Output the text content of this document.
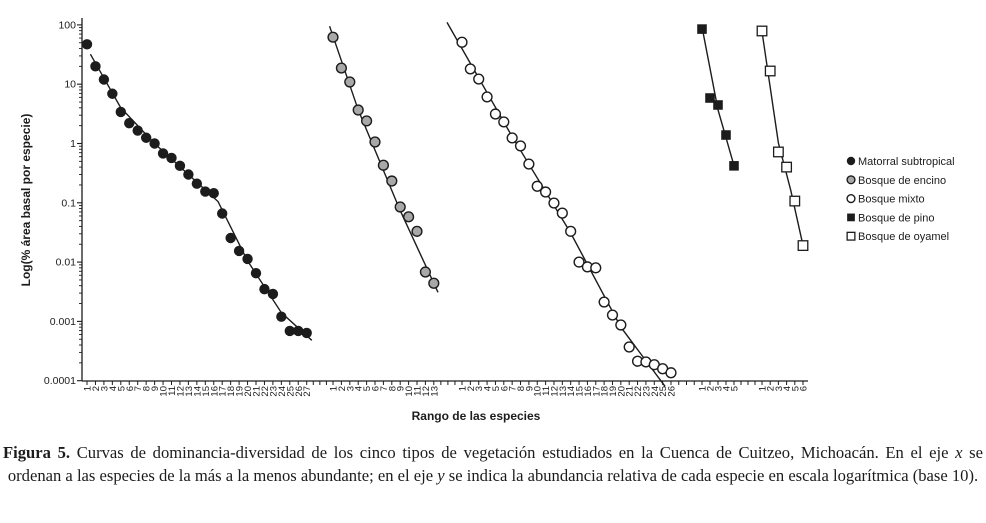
100
10
1
0.1
0.01
0.001
0.0001
Log(% área basal por especie)
1
2
3
4
5
6
7
8
9
10
11
12
13
14
15
16
17
18
19
20
21
22
23
24
25
26
27 1
2
3
4
5
6
7
8
9
10
11
12
13 1
2
3
4
5
6
7
8
9
10
11
12
13
14
15
16
17
18
19
20
21
22
23
24
25
26 1
2
3
4
5 1
2
3
4
5
6
Rango de las especies
Matorral subtropical
Bosque de encino
Bosque mixto
Bosque de pino
Bosque de oyamel

Figura 5. Curvas de dominancia-diversidad de los cinco tipos de vegetación estudiados en la Cuenca de Cuitzeo, Michoacán. En el eje x se ordenan a las especies de la más a la menos abundante; en el eje y se indica la abundancia relativa de cada especie en escala logarítmica (base 10).
